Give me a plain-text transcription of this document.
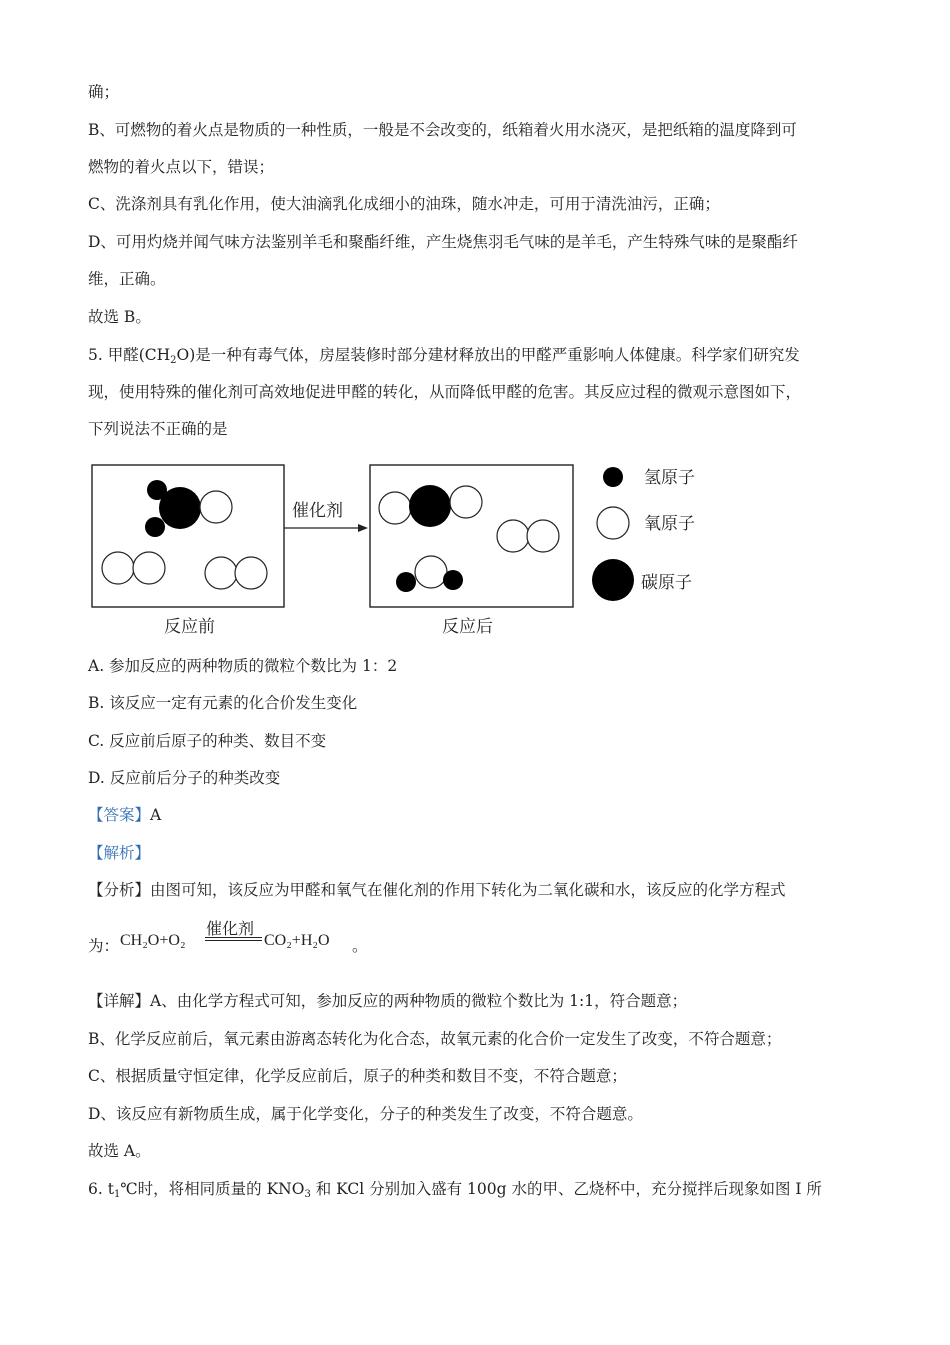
确；
B、可燃物的着火点是物质的一种性质，一般是不会改变的，纸箱着火用水浇灭，是把纸箱的温度降到可
燃物的着火点以下，错误；
C、洗涤剂具有乳化作用，使大油滴乳化成细小的油珠，随水冲走，可用于清洗油污，正确；
D、可用灼烧并闻气味方法鉴别羊毛和聚酯纤维，产生烧焦羽毛气味的是羊毛，产生特殊气味的是聚酯纤
维，正确。
故选 B。
5. 甲醛$(CH_2O)$是一种有毒气体，房屋装修时部分建材释放出的甲醛严重影响人体健康。科学家们研究发
现，使用特殊的催化剂可高效地促进甲醛的转化，从而降低甲醛的危害。其反应过程的微观示意图如下，
下列说法不正确的是
催化剂
反应前	反应后
氢原子
氧原子
碳原子
A. 参加反应的两种物质的微粒个数比为 1：2
B. 该反应一定有元素的化合价发生变化
C. 反应前后原子的种类、数目不变
D. 反应前后分子的种类改变
【答案】A
【解析】
【分析】由图可知，该反应为甲醛和氧气在催化剂的作用下转化为二氧化碳和水，该反应的化学方程式
为： CH₂O+O₂
催化剂
CO₂+H₂O 。
【详解】A、由化学方程式可知，参加反应的两种物质的微粒个数比为 1:1，符合题意；
B、化学反应前后，氧元素由游离态转化为化合态，故氧元素的化合价一定发生了改变，不符合题意；
C、根据质量守恒定律，化学反应前后，原子的种类和数目不变，不符合题意；
D、该反应有新物质生成，属于化学变化，分子的种类发生了改变，不符合题意。
故选 A。
6. $t_1℃$时，将相同质量的 $KNO_3$ 和 KCl 分别加入盛有 100g 水的甲、乙烧杯中，充分搅拌后现象如图 I 所
